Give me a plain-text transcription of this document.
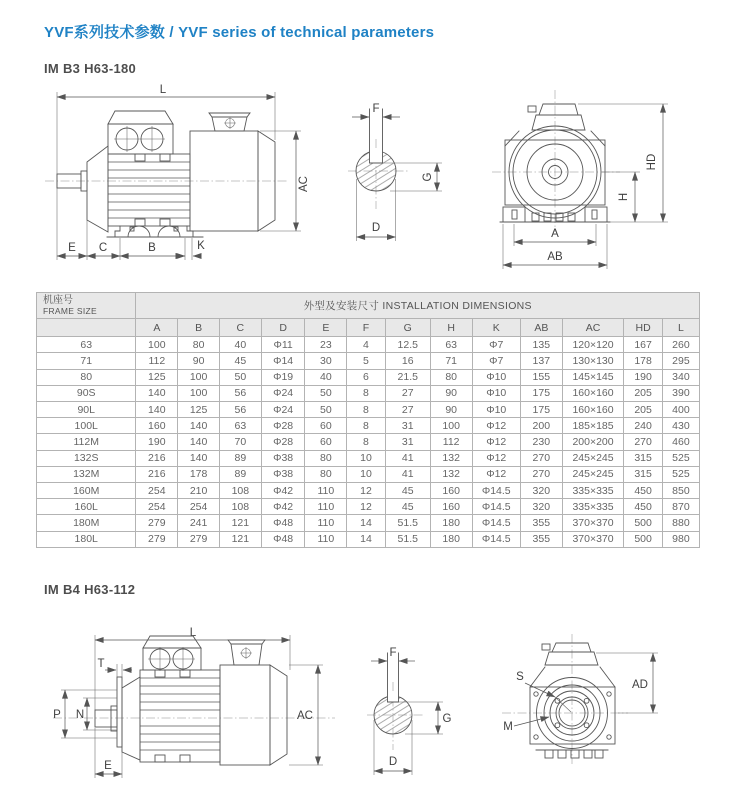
YVF系列技术参数 / YVF series of technical parameters
IM B3 H63-180
L
AC
E C	B	K
F
G
D
HD
H
A
AB
机座号
FRAME SIZE	外型及安装尺寸 INSTALLATION DIMENSIONS												
	A	B	C	D	E	F	G	H	K	AB	AC	HD	L
63	100	80	40	Φ11	23	4	12.5	63	Φ7	135	120×120	167	260
71	112	90	45	Φ14	30	5	16	71	Φ7	137	130×130	178	295
80	125	100	50	Φ19	40	6	21.5	80	Φ10	155	145×145	190	340
90S	140	100	56	Φ24	50	8	27	90	Φ10	175	160×160	205	390
90L	140	125	56	Φ24	50	8	27	90	Φ10	175	160×160	205	400
100L	160	140	63	Φ28	60	8	31	100	Φ12	200	185×185	240	430
112M	190	140	70	Φ28	60	8	31	112	Φ12	230	200×200	270	460
132S	216	140	89	Φ38	80	10	41	132	Φ12	270	245×245	315	525
132M	216	178	89	Φ38	80	10	41	132	Φ12	270	245×245	315	525
160M	254	210	108	Φ42	110	12	45	160	Φ14.5	320	335×335	450	850
160L	254	254	108	Φ42	110	12	45	160	Φ14.5	320	335×335	450	870
180M	279	241	121	Φ48	110	14	51.5	180	Φ14.5	355	370×370	500	880
180L	279	279	121	Φ48	110	14	51.5	180	Φ14.5	355	370×370	500	980
IM B4 H63-112
L
T
P N
E
AC
F
G
D
S
M
AD
